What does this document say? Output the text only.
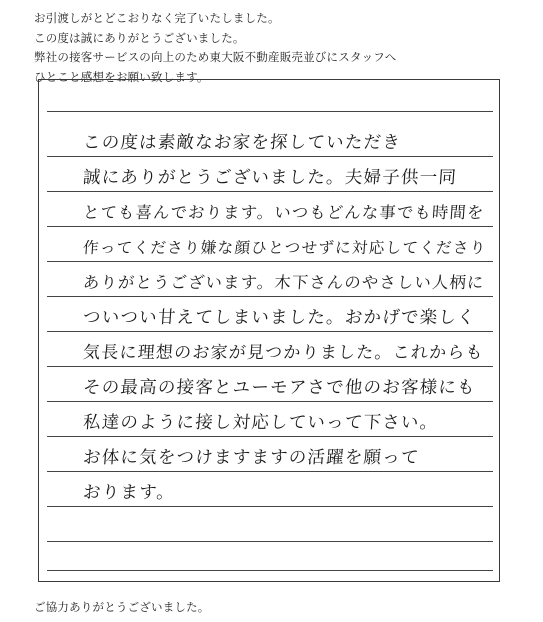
お引渡しがとどこおりなく完了いたしました。
この度は誠にありがとうございました。
弊社の接客サービスの向上のため東大阪不動産販売並びにスタッフへ
ひとこと感想をお願い致します。
この度は素敵なお家を探していただき
誠にありがとうございました。夫婦子供一同
とても喜んでおります。いつもどんな事でも時間を
作ってくださり嫌な顔ひとつせずに対応してくださり
ありがとうございます。木下さんのやさしい人柄に
ついつい甘えてしまいました。おかげで楽しく
気長に理想のお家が見つかりました。これからも
その最高の接客とユーモアさで他のお客様にも
私達のように接し対応していって下さい。
お体に気をつけますますの活躍を願って
おります。
ご協力ありがとうございました。
